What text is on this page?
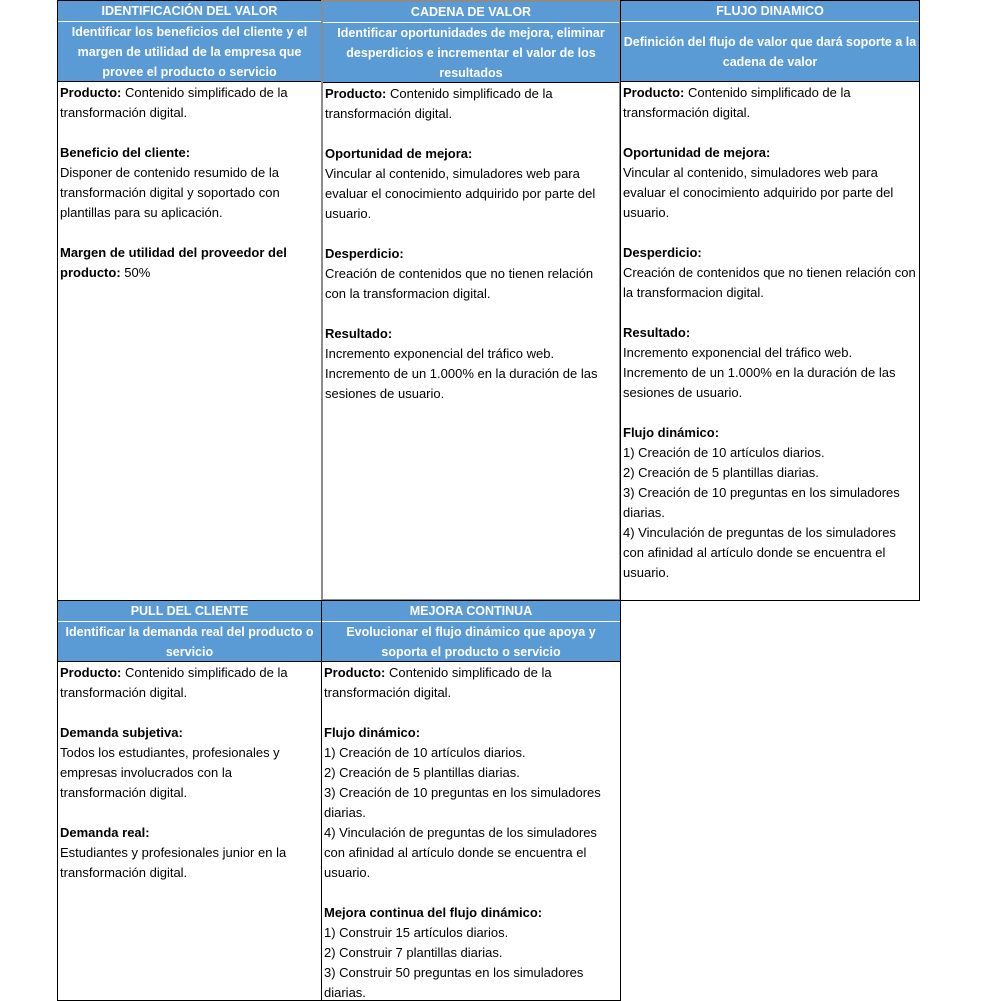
IDENTIFICACIÓN DEL VALOR
Identificar los beneficios del cliente y el margen de utilidad de la empresa que provee el producto o servicio

Producto: Contenido simplificado de la transformación digital.

Beneficio del cliente:
Disponer de contenido resumido de la transformación digital y soportado con plantillas para su aplicación.

Margen de utilidad del proveedor del producto: 50%

CADENA DE VALOR
Identificar oportunidades de mejora, eliminar desperdicios e incrementar el valor de los resultados

Producto: Contenido simplificado de la transformación digital.

Oportunidad de mejora:
Vincular al contenido, simuladores web para evaluar el conocimiento adquirido por parte del usuario.

Desperdicio:
Creación de contenidos que no tienen relación con la transformacion digital.

Resultado:
Incremento exponencial del tráfico web.
Incremento de un 1.000% en la duración de las sesiones de usuario.

FLUJO DINAMICO
Definición del flujo de valor que dará soporte a la cadena de valor

Producto: Contenido simplificado de la transformación digital.

Oportunidad de mejora:
Vincular al contenido, simuladores web para evaluar el conocimiento adquirido por parte del usuario.

Desperdicio:
Creación de contenidos que no tienen relación con la transformacion digital.

Resultado:
Incremento exponencial del tráfico web.
Incremento de un 1.000% en la duración de las sesiones de usuario.

Flujo dinámico:
1) Creación de 10 artículos diarios.
2) Creación de 5 plantillas diarias.
3) Creación de 10 preguntas en los simuladores diarias.
4) Vinculación de preguntas de los simuladores con afinidad al artículo donde se encuentra el usuario.

PULL DEL CLIENTE
Identificar la demanda real del producto o servicio

Producto: Contenido simplificado de la transformación digital.

Demanda subjetiva:
Todos los estudiantes, profesionales y empresas involucrados con la transformación digital.

Demanda real:
Estudiantes y profesionales junior en la transformación digital.

MEJORA CONTINUA
Evolucionar el flujo dinámico que apoya y soporta el producto o servicio

Producto: Contenido simplificado de la transformación digital.

Flujo dinámico:
1) Creación de 10 artículos diarios.
2) Creación de 5 plantillas diarias.
3) Creación de 10 preguntas en los simuladores diarias.
4) Vinculación de preguntas de los simuladores con afinidad al artículo donde se encuentra el usuario.

Mejora continua del flujo dinámico:
1) Construir 15 artículos diarios.
2) Construir 7 plantillas diarias.
3) Construir 50 preguntas en los simuladores diarias.
